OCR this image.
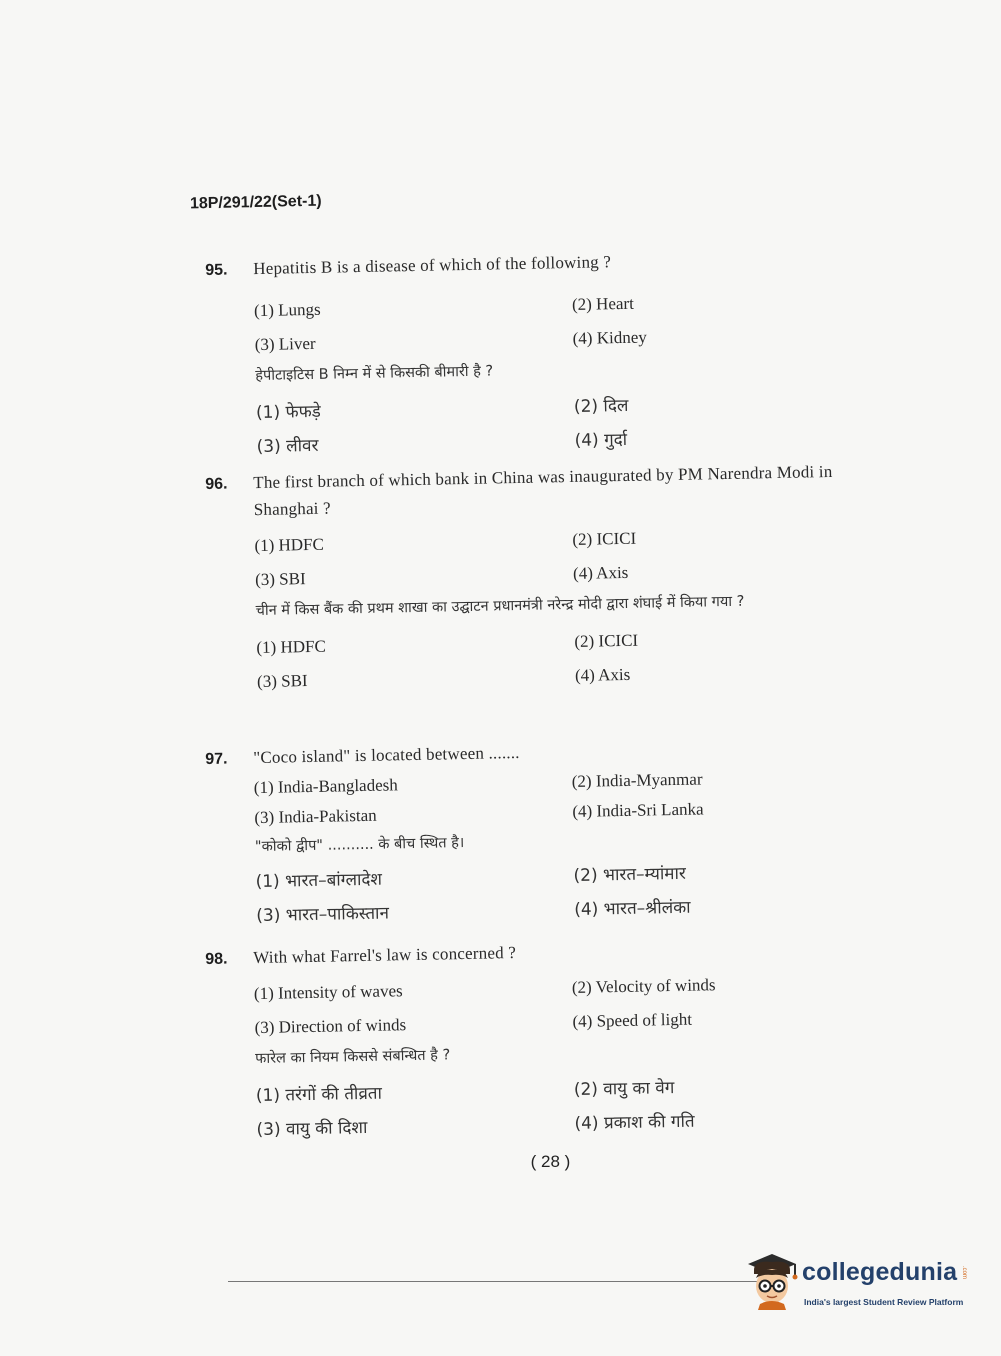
18P/291/22(Set-1)
95.	Hepatitis B is a disease of which of the following ?
(1) Lungs	(2) Heart
(3) Liver	(4) Kidney
हेपीटाइटिस B निम्न में से किसकी बीमारी है ?
(1) फेफड़े	(2) दिल
(3) लीवर	(4) गुर्दा
96.	The first branch of which bank in China was inaugurated by PM Narendra Modi in Shanghai ?
(1) HDFC	(2) ICICI
(3) SBI	(4) Axis
चीन में किस बैंक की प्रथम शाखा का उद्घाटन प्रधानमंत्री नरेन्द्र मोदी द्वारा शंघाई में किया गया ?
(1) HDFC	(2) ICICI
(3) SBI	(4) Axis
97.	"Coco island" is located between .......
(1) India-Bangladesh	(2) India-Myanmar
(3) India-Pakistan	(4) India-Sri Lanka
"कोको द्वीप" .......... के बीच स्थित है।
(1) भारत–बांग्लादेश	(2) भारत–म्यांमार
(3) भारत–पाकिस्तान	(4) भारत–श्रीलंका
98.	With what Farrel's law is concerned ?
(1) Intensity of waves	(2) Velocity of winds
(3) Direction of winds	(4) Speed of light
फारेल का नियम किससे संबन्धित है ?
(1) तरंगों की तीव्रता	(2) वायु का वेग
(3) वायु की दिशा	(4) प्रकाश की गति
( 28 )
collegedunia .com
India's largest Student Review Platform
